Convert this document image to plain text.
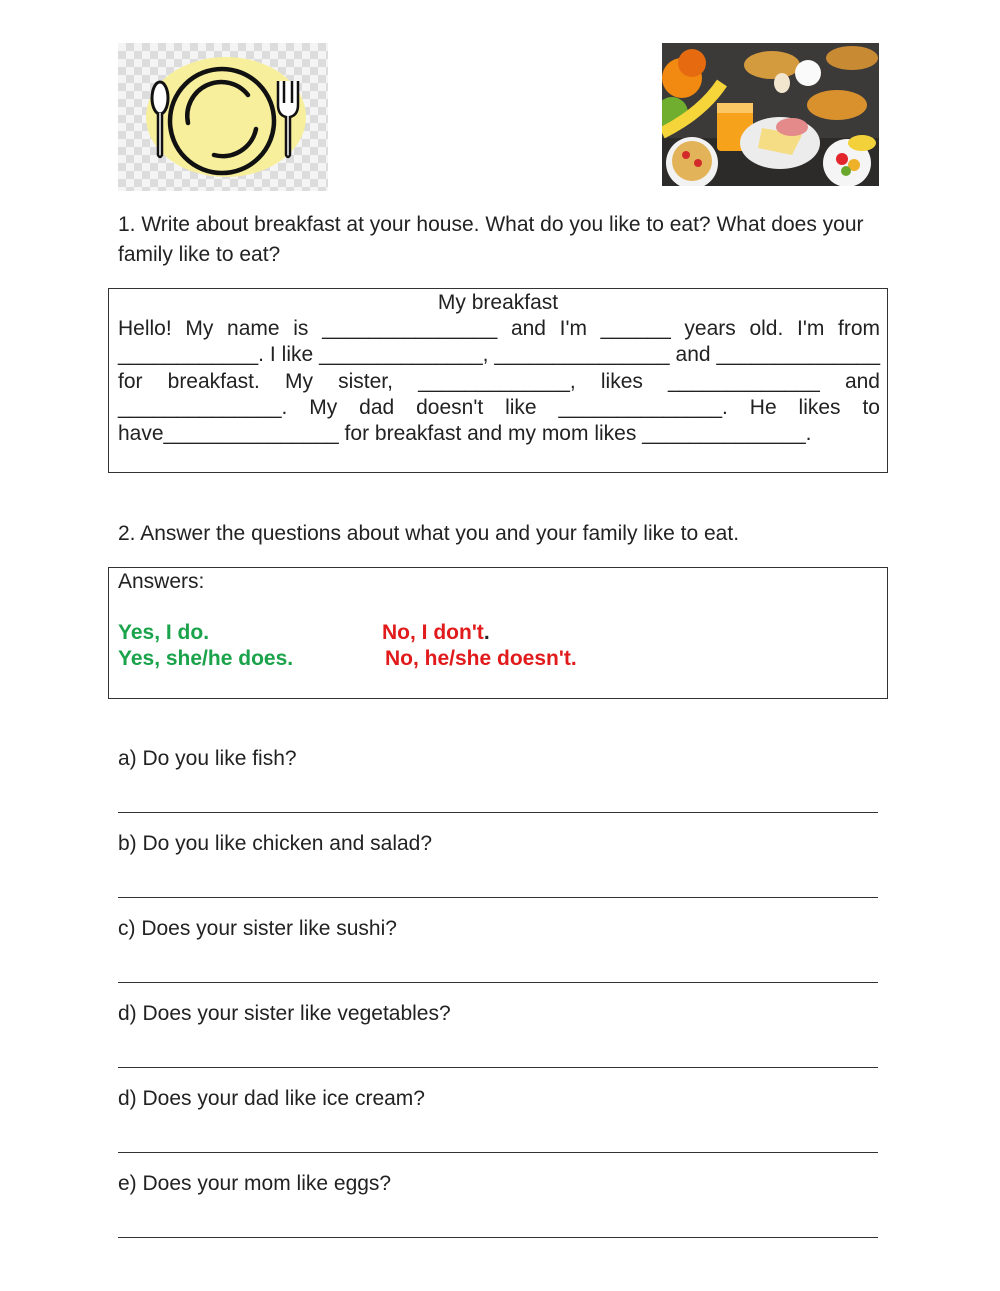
1. Write about breakfast at your house. What do you like to eat? What does your family like to eat?
My breakfast
Hello! My name is _______________ and I'm ______ years old. I'm from ____________. I like ______________, _______________ and ______________ for breakfast. My sister, _____________, likes _____________ and ______________. My dad doesn't like ______________. He likes to have_______________ for breakfast and my mom likes ______________.
2. Answer the questions about what you and your family like to eat.
Answers:
Yes, I do.	No, I don't.
Yes, she/he does.	No, he/she doesn't.
a) Do you like fish?
b) Do you like chicken and salad?
c) Does your sister like sushi?
d) Does your sister like vegetables?
d) Does your dad like ice cream?
e) Does your mom like eggs?
